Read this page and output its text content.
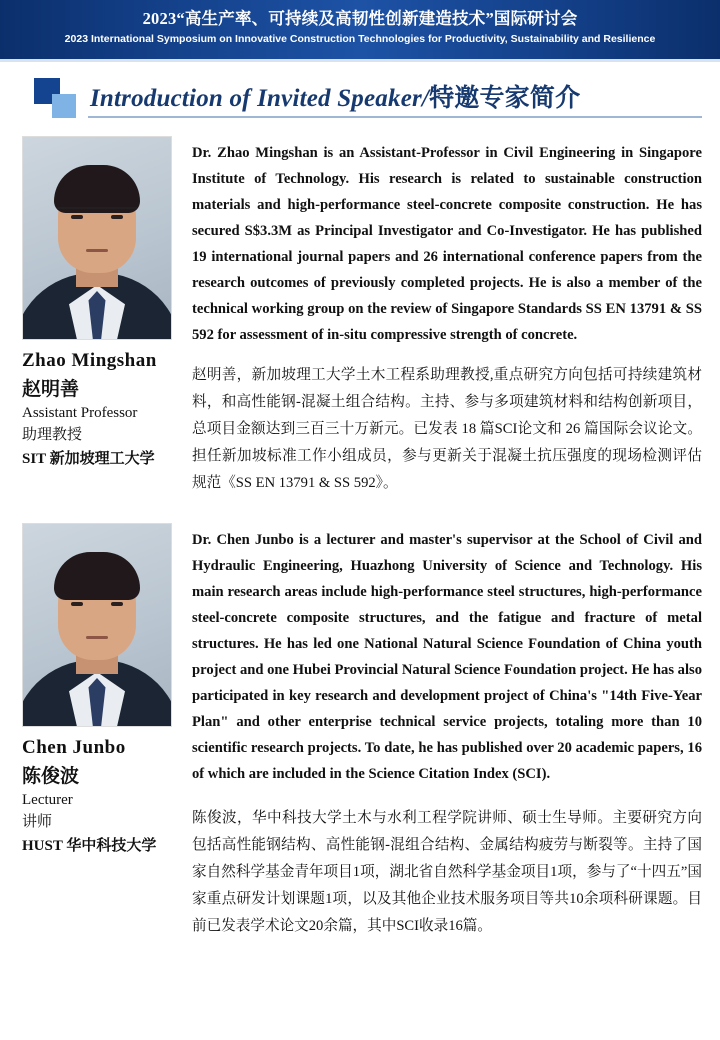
2023“高生产率、可持续及高韧性创新建造技术”国际研讨会
2023 International Symposium on Innovative Construction Technologies for Productivity, Sustainability and Resilience
Introduction of Invited Speaker/特邀专家简介
Zhao Mingshan
赵明善
Assistant Professor
助理教授
SIT 新加坡理工大学
Dr. Zhao Mingshan is an Assistant-Professor in Civil Engineering in Singapore Institute of Technology. His research is related to sustainable construction materials and high-performance steel-concrete composite construction. He has secured S$3.3M as Principal Investigator and Co-Investigator. He has published 19 international journal papers and 26 international conference papers from the research outcomes of previously completed projects. He is also a member of the technical working group on the review of Singapore Standards SS EN 13791 & SS 592 for assessment of in-situ compressive strength of concrete.
赵明善，新加坡理工大学土木工程系助理教授,重点研究方向包括可持续建筑材料，和高性能钢-混凝土组合结构。主持、参与多项建筑材料和结构创新项目，总项目金额达到三百三十万新元。已发表 18 篇SCI论文和 26 篇国际会议论文。担任新加坡标准工作小组成员，参与更新关于混凝土抗压强度的现场检测评估规范《SS EN 13791 & SS 592》。
Chen Junbo
陈俊波
Lecturer
讲师
HUST 华中科技大学
Dr. Chen Junbo is a lecturer and master's supervisor at the School of Civil and Hydraulic Engineering, Huazhong University of Science and Technology. His main research areas include high-performance steel structures, high-performance steel-concrete composite structures, and the fatigue and fracture of metal structures. He has led one National Natural Science Foundation of China youth project and one Hubei Provincial Natural Science Foundation project. He has also participated in key research and development project of China's "14th Five-Year Plan" and other enterprise technical service projects, totaling more than 10 scientific research projects. To date, he has published over 20 academic papers, 16 of which are included in the Science Citation Index (SCI).
陈俊波，华中科技大学土木与水利工程学院讲师、硕士生导师。主要研究方向包括高性能钢结构、高性能钢-混组合结构、金属结构疲劳与断裂等。主持了国家自然科学基金青年项目1项，湖北省自然科学基金项目1项，参与了“十四五”国家重点研发计划课题1项，以及其他企业技术服务项目等共10余项科研课题。目前已发表学术论文20余篇，其中SCI收录16篇。
